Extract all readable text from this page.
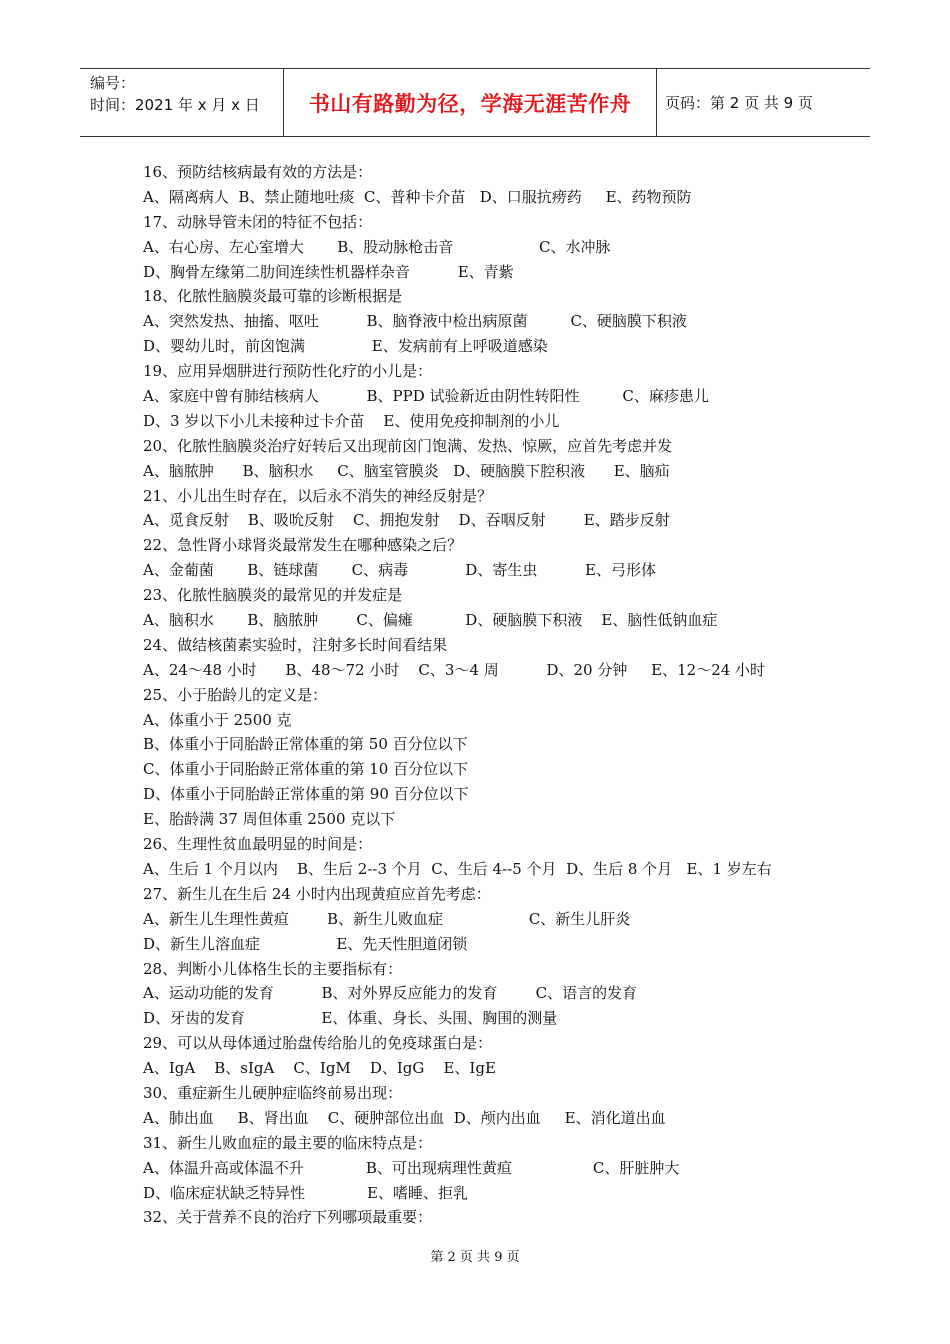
编号：
时间：2021 年 x 月 x 日	书山有路勤为径，学海无涯苦作舟	页码：第 2 页 共 9 页
16、预防结核病最有效的方法是：
A、隔离病人  B、禁止随地吐痰  C、普种卡介苗   D、口服抗痨药     E、药物预防
17、动脉导管未闭的特征不包括：
A、右心房、左心室增大       B、股动脉枪击音                  C、水冲脉
D、胸骨左缘第二肋间连续性机器样杂音          E、青紫
18、化脓性脑膜炎最可靠的诊断根据是
A、突然发热、抽搐、呕吐          B、脑脊液中检出病原菌         C、硬脑膜下积液
D、婴幼儿时，前囟饱满              E、发病前有上呼吸道感染
19、应用异烟肼进行预防性化疗的小儿是：
A、家庭中曾有肺结核病人          B、PPD 试验新近由阴性转阳性         C、麻疹患儿
D、3 岁以下小儿未接种过卡介苗    E、使用免疫抑制剂的小儿
20、化脓性脑膜炎治疗好转后又出现前囟门饱满、发热、惊厥，应首先考虑并发
A、脑脓肿      B、脑积水     C、脑室管膜炎   D、硬脑膜下腔积液      E、脑疝
21、小儿出生时存在，以后永不消失的神经反射是？
A、觅食反射    B、吸吮反射    C、拥抱发射    D、吞咽反射        E、踏步反射
22、急性肾小球肾炎最常发生在哪种感染之后？
A、金葡菌       B、链球菌       C、病毒            D、寄生虫          E、弓形体
23、化脓性脑膜炎的最常见的并发症是
A、脑积水       B、脑脓肿        C、偏瘫           D、硬脑膜下积液    E、脑性低钠血症
24、做结核菌素实验时，注射多长时间看结果
A、24～48 小时      B、48～72 小时    C、3～4 周          D、20 分钟     E、12～24 小时
25、小于胎龄儿的定义是：
A、体重小于 2500 克
B、体重小于同胎龄正常体重的第 50 百分位以下
C、体重小于同胎龄正常体重的第 10 百分位以下
D、体重小于同胎龄正常体重的第 90 百分位以下
E、胎龄满 37 周但体重 2500 克以下
26、生理性贫血最明显的时间是：
A、生后 1 个月以内    B、生后 2--3 个月  C、生后 4--5 个月  D、生后 8 个月   E、1 岁左右
27、新生儿在生后 24 小时内出现黄疸应首先考虑：
A、新生儿生理性黄疸        B、新生儿败血症                  C、新生儿肝炎
D、新生儿溶血症                E、先天性胆道闭锁
28、判断小儿体格生长的主要指标有：
A、运动功能的发育          B、对外界反应能力的发育        C、语言的发育
D、牙齿的发育                E、体重、身长、头围、胸围的测量
29、可以从母体通过胎盘传给胎儿的免疫球蛋白是：
A、IgA    B、sIgA    C、IgM    D、IgG    E、IgE
30、重症新生儿硬肿症临终前易出现：
A、肺出血     B、肾出血    C、硬肿部位出血  D、颅内出血     E、消化道出血
31、新生儿败血症的最主要的临床特点是：
A、体温升高或体温不升             B、可出现病理性黄疸                 C、肝脏肿大
D、临床症状缺乏特异性             E、嗜睡、拒乳
32、关于营养不良的治疗下列哪项最重要：
第 2 页 共 9 页
